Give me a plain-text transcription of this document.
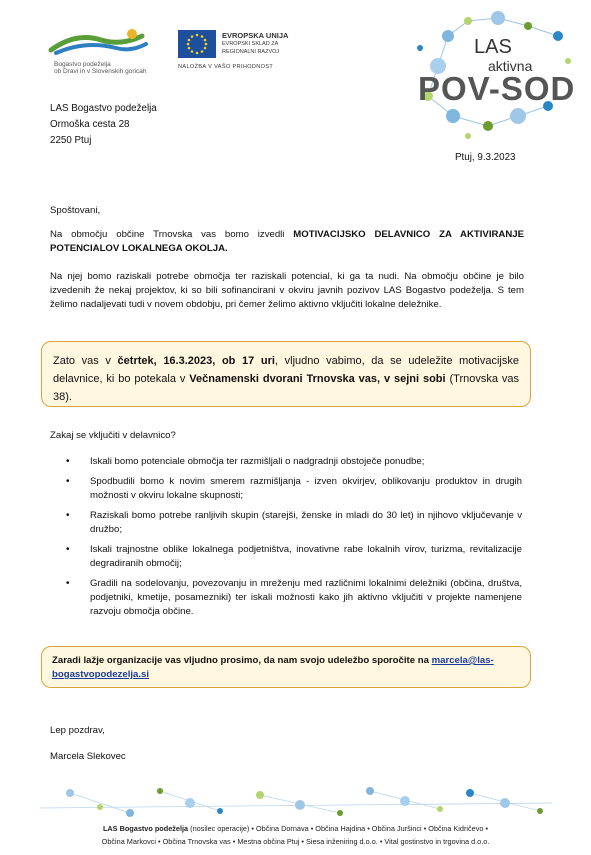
Bogastvo podeželja
ob Dravi in v Slovenskih goricah
EVROPSKA UNIJA
EVROPSKI SKLAD ZA
REGIONALNI RAZVOJ
NALOŽBA V VAŠO PRIHODNOST
LAS
aktivna
POV-SOD
LAS Bogastvo podeželja
Ormoška cesta 28
2250 Ptuj
Ptuj, 9.3.2023
Spoštovani,
Na območju občine Trnovska vas bomo izvedli MOTIVACIJSKO DELAVNICO ZA AKTIVIRANJE POTENCIALOV LOKALNEGA OKOLJA.
Na njej bomo raziskali potrebe območja ter raziskali potencial, ki ga ta nudi. Na območju občine je bilo izvedenih že nekaj projektov, ki so bili sofinancirani v okviru javnih pozivov LAS Bogastvo podeželja. S tem želimo nadaljevati tudi v novem obdobju, pri čemer želimo aktivno vključiti lokalne deležnike.
Zato vas v četrtek, 16.3.2023, ob 17 uri, vljudno vabimo, da se udeležite motivacijske delavnice, ki bo potekala v Večnamenski dvorani Trnovska vas, v sejni sobi (Trnovska vas 38).
Zakaj se vključiti v delavnico?
• Iskali bomo potenciale območja ter razmišljali o nadgradnji obstoječe ponudbe;
• Spodbudili bomo k novim smerem razmišljanja - izven okvirjev, oblikovanju produktov in drugih možnosti v okviru lokalne skupnosti;
• Raziskali bomo potrebe ranljivih skupin (starejši, ženske in mladi do 30 let) in njihovo vključevanje v družbo;
• Iskali trajnostne oblike lokalnega podjetništva, inovativne rabe lokalnih virov, turizma, revitalizacije degradiranih območij;
• Gradili na sodelovanju, povezovanju in mreženju med različnimi lokalnimi deležniki (občina, društva, podjetniki, kmetije, posamezniki) ter iskali možnosti kako jih aktivno vključiti v projekte namenjene razvoju območja občine.
Zaradi lažje organizacije vas vljudno prosimo, da nam svojo udeležbo sporočite na marcela@las-bogastvopodezelja.si
Lep pozdrav,
Marcela Slekovec
LAS Bogastvo podeželja (nosilec operacije) • Občina Dornava • Občina Hajdina • Občina Juršinci • Občina Kidričevo •
Občina Markovci • Občina Trnovska vas • Mestna občina Ptuj • Siesa inženiring d.o.o. • Vital gostinstvo in trgovina d.o.o.
